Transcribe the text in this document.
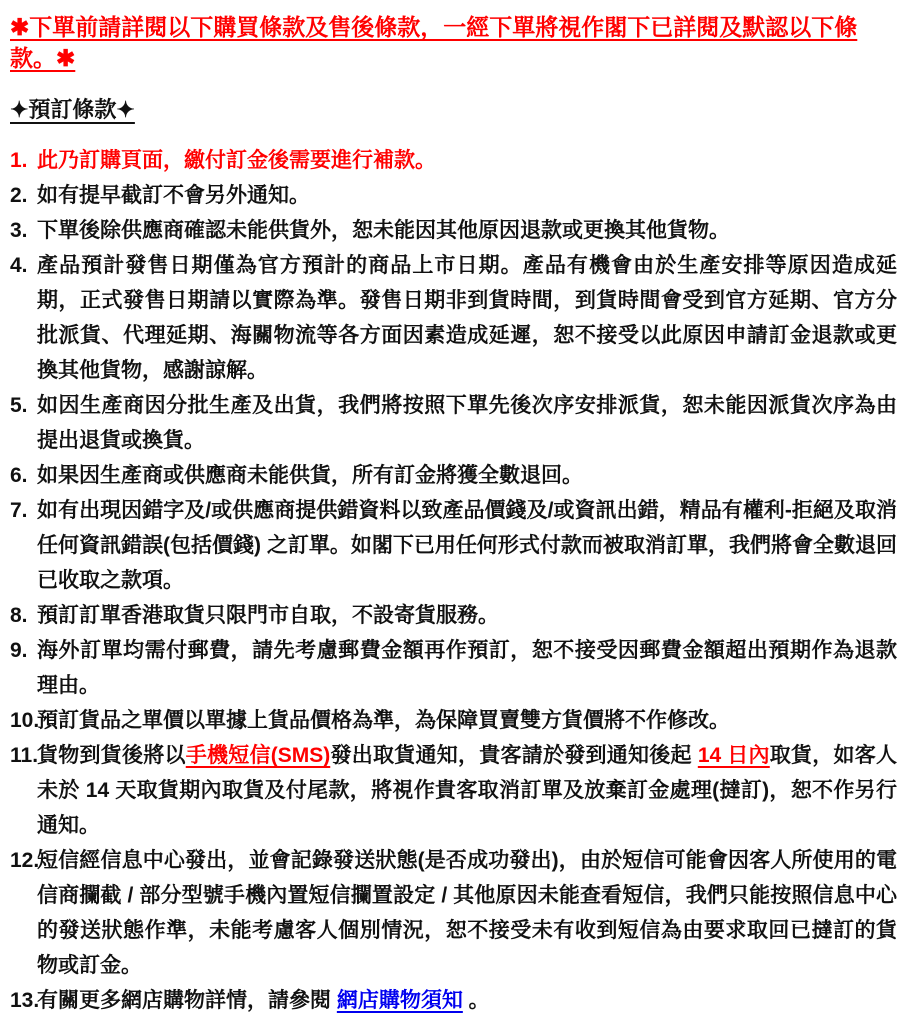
✱下單前請詳閱以下購買條款及售後條款，一經下單將視作閣下已詳閱及默認以下條款。✱
✦預訂條款✦
1. 此乃訂購頁面，繳付訂金後需要進行補款。
2. 如有提早截訂不會另外通知。
3. 下單後除供應商確認未能供貨外，恕未能因其他原因退款或更換其他貨物。
4. 產品預計發售日期僅為官方預計的商品上市日期。產品有機會由於生產安排等原因造成延期，正式發售日期請以實際為準。發售日期非到貨時間，到貨時間會受到官方延期、官方分批派貨、代理延期、海關物流等各方面因素造成延遲，恕不接受以此原因申請訂金退款或更換其他貨物，感謝諒解。
5. 如因生產商因分批生產及出貨，我們將按照下單先後次序安排派貨，恕未能因派貨次序為由提出退貨或換貨。
6. 如果因生產商或供應商未能供貨，所有訂金將獲全數退回。
7. 如有出現因錯字及/或供應商提供錯資料以致產品價錢及/或資訊出錯，精品有權利-拒絕及取消任何資訊錯誤(包括價錢) 之訂單。如閣下已用任何形式付款而被取消訂單，我們將會全數退回已收取之款項。
8. 預訂訂單香港取貨只限門市自取，不設寄貨服務。
9. 海外訂單均需付郵費，請先考慮郵費金額再作預訂，恕不接受因郵費金額超出預期作為退款理由。
10.
預訂貨品之單價以單據上貨品價格為準，為保障買賣雙方貨價將不作修改。
11.
貨物到貨後將以手機短信(SMS)發出取貨通知，貴客請於發到通知後起 14 日內取貨，如客人未於 14 天取貨期內取貨及付尾款，將視作貴客取消訂單及放棄訂金處理(撻訂)，恕不作另行通知。
12.
短信經信息中心發出，並會記錄發送狀態(是否成功發出)，由於短信可能會因客人所使用的電信商攔截 / 部分型號手機內置短信攔置設定 / 其他原因未能查看短信，我們只能按照信息中心的發送狀態作準，未能考慮客人個別情況，恕不接受未有收到短信為由要求取回已撻訂的貨物或訂金。
13.
有關更多網店購物詳情，請參閱 網店購物須知 。
